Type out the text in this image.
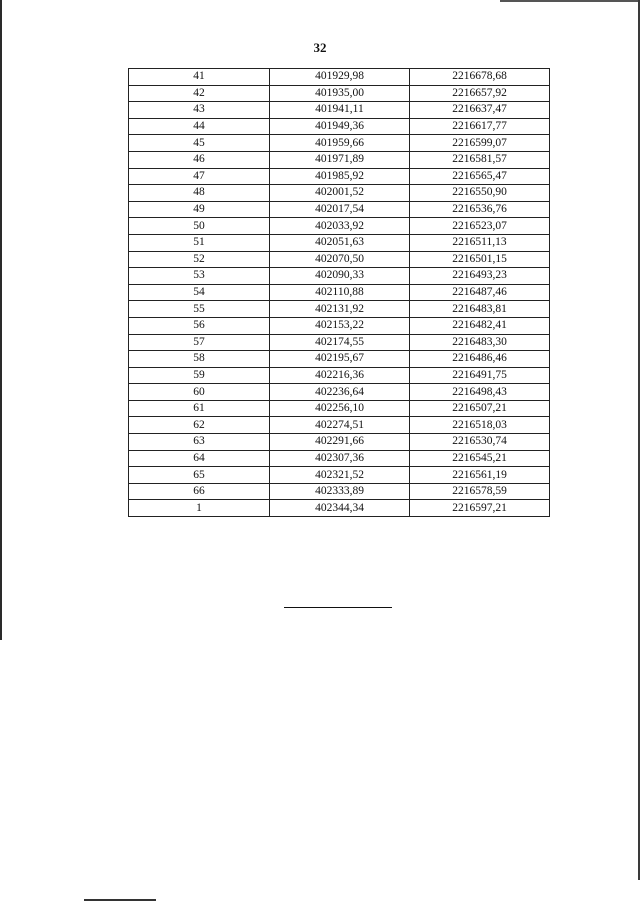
32
41	401929,98	2216678,68
42	401935,00	2216657,92
43	401941,11	2216637,47
44	401949,36	2216617,77
45	401959,66	2216599,07
46	401971,89	2216581,57
47	401985,92	2216565,47
48	402001,52	2216550,90
49	402017,54	2216536,76
50	402033,92	2216523,07
51	402051,63	2216511,13
52	402070,50	2216501,15
53	402090,33	2216493,23
54	402110,88	2216487,46
55	402131,92	2216483,81
56	402153,22	2216482,41
57	402174,55	2216483,30
58	402195,67	2216486,46
59	402216,36	2216491,75
60	402236,64	2216498,43
61	402256,10	2216507,21
62	402274,51	2216518,03
63	402291,66	2216530,74
64	402307,36	2216545,21
65	402321,52	2216561,19
66	402333,89	2216578,59
1	402344,34	2216597,21
